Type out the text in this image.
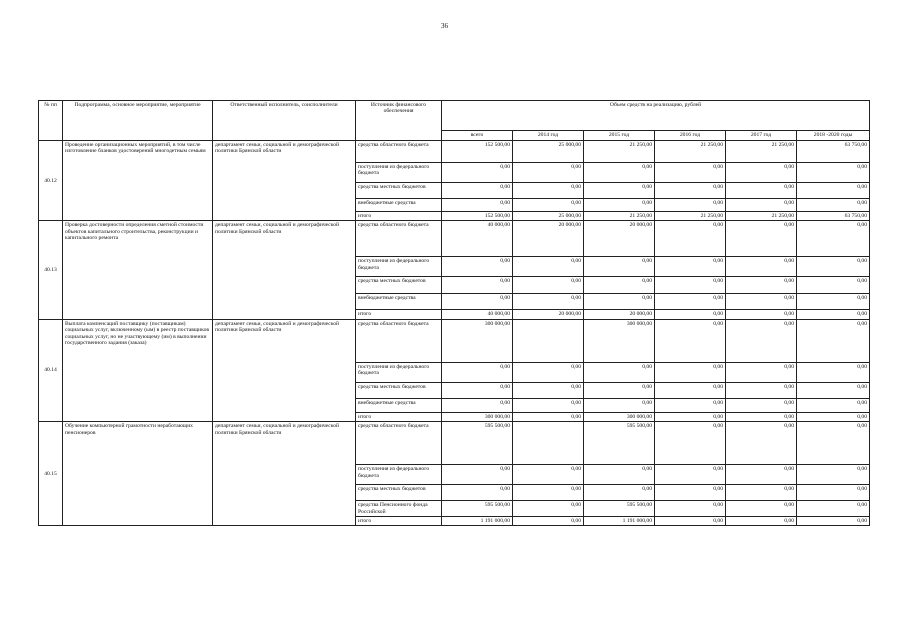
36
№ пп	Подпрограмма, основное мероприятие, мероприятие	Ответственный исполнитель, соисполнители	Источник финансового обеспечения	Объем средств на реализацию, рублей					
				всего	2014 год	2015 год	2016 год	2017 год	2018 -2020 годы
40.12	Проведение организационных мероприятий, в том числе изготовление бланков удостоверений многодетным семьям	департамент семьи, социальной и демографической политики Брянской области	средства областного бюджета	152 500,00	25 000,00	21 250,00	21 250,00	21 250,00	63 750,00
			поступления из федерального бюджета	0,00	0,00	0,00	0,00	0,00	0,00
			средства местных бюджетов	0,00	0,00	0,00	0,00	0,00	0,00
			внебюджетные средства	0,00	0,00	0,00	0,00	0,00	0,00
			итого	152 500,00	25 000,00	21 250,00	21 250,00	21 250,00	63 750,00
40.13	Проверка достоверности определения сметной стоимости объектов капитального строительства, реконструкции и капитального ремонта	департамент семьи, социальной и демографической политики Брянской области	средства областного бюджета	40 000,00	20 000,00	20 000,00	0,00	0,00	0,00
			поступления из федерального бюджета	0,00	0,00	0,00	0,00	0,00	0,00
			средства местных бюджетов	0,00	0,00	0,00	0,00	0,00	0,00
			внебюджетные средства	0,00	0,00	0,00	0,00	0,00	0,00
			итого	40 000,00	20 000,00	20 000,00	0,00	0,00	0,00
40.14	Выплата компенсаций поставщику (поставщикам) социальных услуг, включенному (ым) в реестр поставщиков социальных услуг, но не участвующему (им) в выполнении государственного задания (заказа)	департамент семьи, социальной и демографической политики Брянской области	средства областного бюджета	300 000,00		300 000,00	0,00	0,00	0,00
			поступления из федерального бюджета	0,00	0,00	0,00	0,00	0,00	0,00
			средства местных бюджетов	0,00	0,00	0,00	0,00	0,00	0,00
			внебюджетные средства	0,00	0,00	0,00	0,00	0,00	0,00
			итого	300 000,00	0,00	300 000,00	0,00	0,00	0,00
40.15	Обучение компьютерной грамотности неработающих пенсионеров	департамент семьи, социальной и демографической политики Брянской области	средства областного бюджета	595 500,00		595 500,00	0,00	0,00	0,00
			поступления из федерального бюджета	0,00	0,00	0,00	0,00	0,00	0,00
			средства местных бюджетов	0,00	0,00	0,00	0,00	0,00	0,00
			средства Пенсионного фонда Российской	595 500,00	0,00	595 500,00	0,00	0,00	0,00
			итого	1 191 000,00	0,00	1 191 000,00	0,00	0,00	0,00
